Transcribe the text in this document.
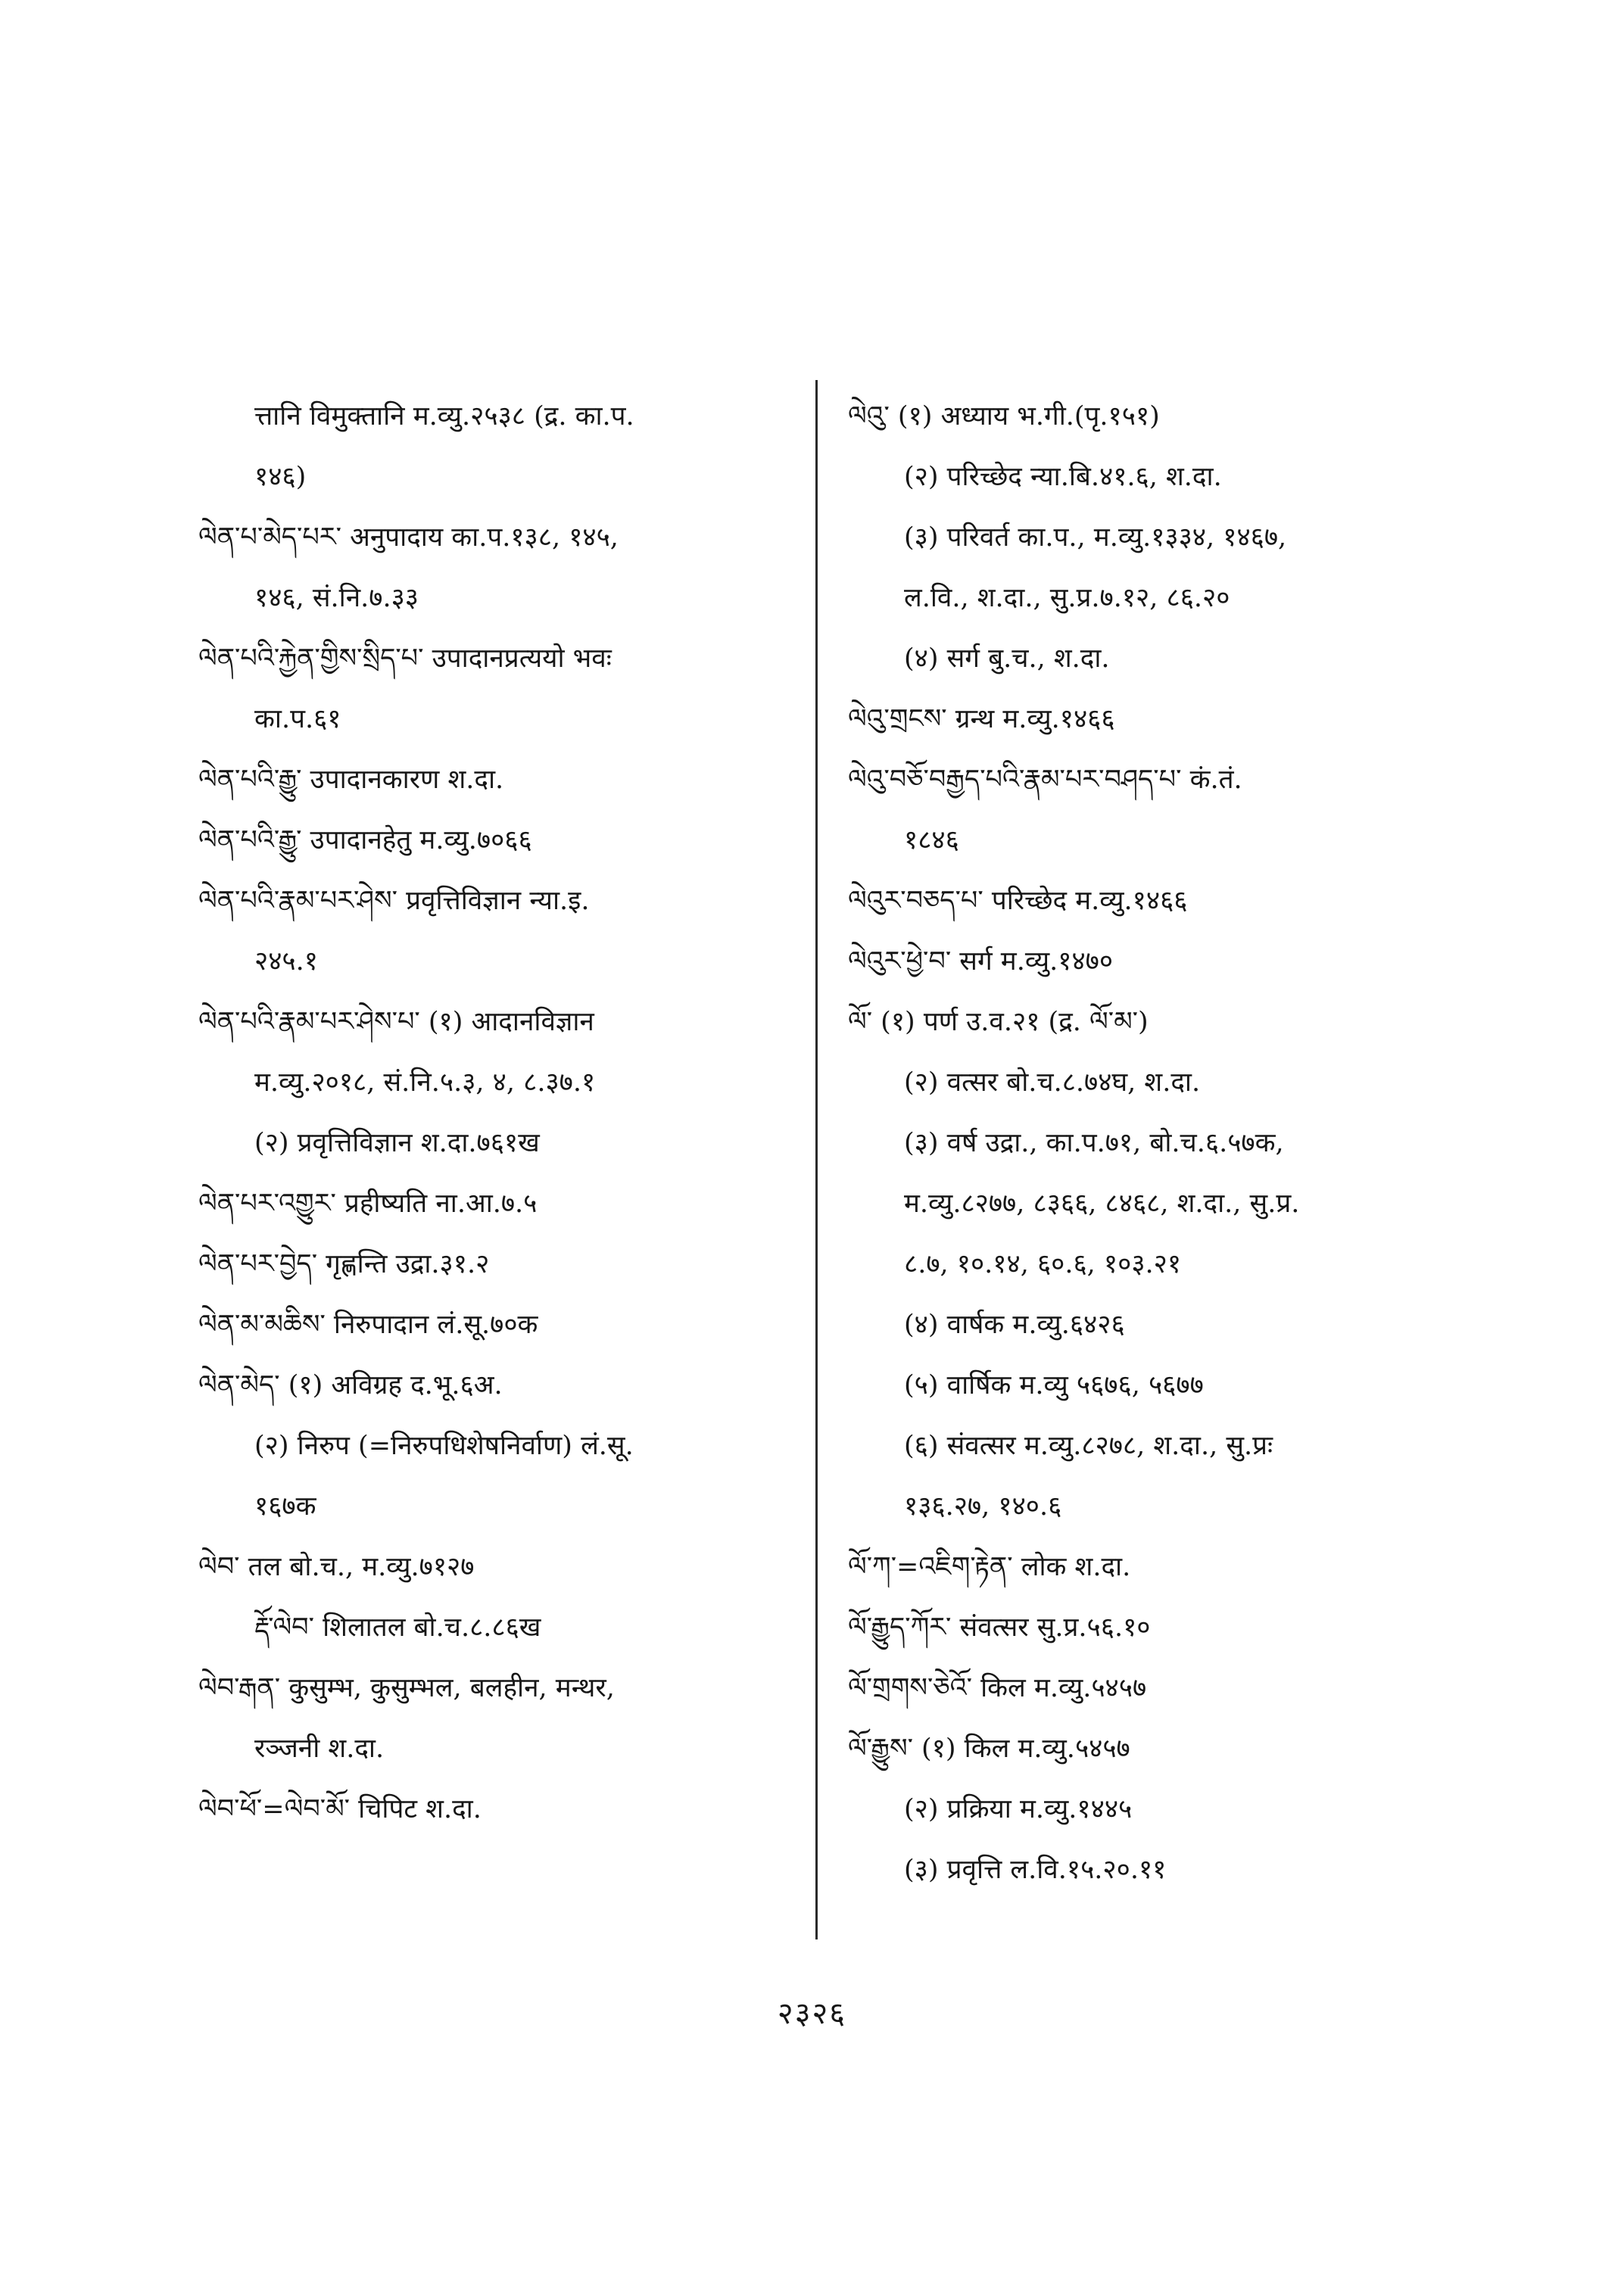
त्तानि विमुक्तानि म.व्यु.२५३८ (द्र. का.प.
१४६)
ལེན་པ་མེད་པར་ अनुपादाय का.प.१३८, १४५,
१४६, सं.नि.७.३३
ལེན་པའི་རྐྱེན་གྱིས་སྲིད་པ་ उपादानप्रत्ययो भवः
का.प.६१
ལེན་པའི་རྒྱུ་ उपादानकारण श.दा.
ལེན་པའི་རྒྱུ་ उपादानहेतु म.व्यु.७०६६
ལེན་པའི་རྣམ་པར་ཤེས་ प्रवृत्तिविज्ञान न्या.इ.
२४५.१
ལེན་པའི་རྣམ་པར་ཤེས་པ་ (१) आदानविज्ञान
म.व्यु.२०१८, सं.नि.५.३, ४, ८.३७.१
(२) प्रवृत्तिविज्ञान श.दा.७६१ख
ལེན་པར་འགྱུར་ प्रहीष्यति ना.आ.७.५
ལེན་པར་བྱེད་ गृह्णन्ति उद्रा.३१.२
ལེན་མ་མཆིས་ निरुपादान लं.सू.७०क
ལེན་མེད་ (१) अविग्रह द.भू.६अ.
(२) निरुप (=निरुपधिशेषनिर्वाण) लं.सू.
१६७क
ལེབ་ तल बो.च., म.व्यु.७१२७
རྡོ་ལེབ་ शिलातल बो.च.८.८६ख
ལེབ་རྒན་ कुसुम्भ, कुसुम्भल, बलहीन, मन्थर,
रञ्जनी श.दा.
ལེབ་ཕོ་=ལེབ་མོ་ चिपिट श.दा.
ལེའུ་ (१) अध्याय भ.गी.(पृ.१५१)
(२) परिच्छेद न्या.बि.४१.६, श.दा.
(३) परिवर्त का.प., म.व्यु.१३३४, १४६७,
ल.वि., श.दा., सु.प्र.७.१२, ८६.२०
(४) सर्ग बु.च., श.दा.
ལེའུ་གྲངས་ ग्रन्थ म.व्यु.१४६६
ལེའུ་བཅོ་བརྒྱད་པའི་རྣམ་པར་བཤད་པ་ कं.तं.
१८४६
ལེའུར་བཅད་པ་ परिच्छेद म.व्यु.१४६६
ལེའུར་ཕྱེ་བ་ सर्ग म.व्यु.१४७०
ལོ་ (१) पर्ण उ.व.२१ (द्र. ལོ་མ་)
(२) वत्सर बो.च.८.७४घ, श.दा.
(३) वर्ष उद्रा., का.प.७१, बो.च.६.५७क,
म.व्यु.८२७७, ८३६६, ८४६८, श.दा., सु.प्र.
८.७, १०.१४, ६०.६, १०३.२१
(४) वार्षक म.व्यु.६४२६
(५) वार्षिक म.व्यु ५६७६, ५६७७
(६) संवत्सर म.व्यु.८२७८, श.दा., सु.प्रः
१३६.२७, १४०.६
ལོ་ཀ་=འཇིག་རྟེན་ लोक श.दा.
ལོ་རྒྱུད་ཀོར་ संवत्सर सु.प्र.५६.१०
ལོ་གྲགས་ཅེའོ་ किल म.व्यु.५४५७
ལོ་རྒྱུས་ (१) किल म.व्यु.५४५७
(२) प्रक्रिया म.व्यु.१४४५
(३) प्रवृत्ति ल.वि.१५.२०.११
२३२६
